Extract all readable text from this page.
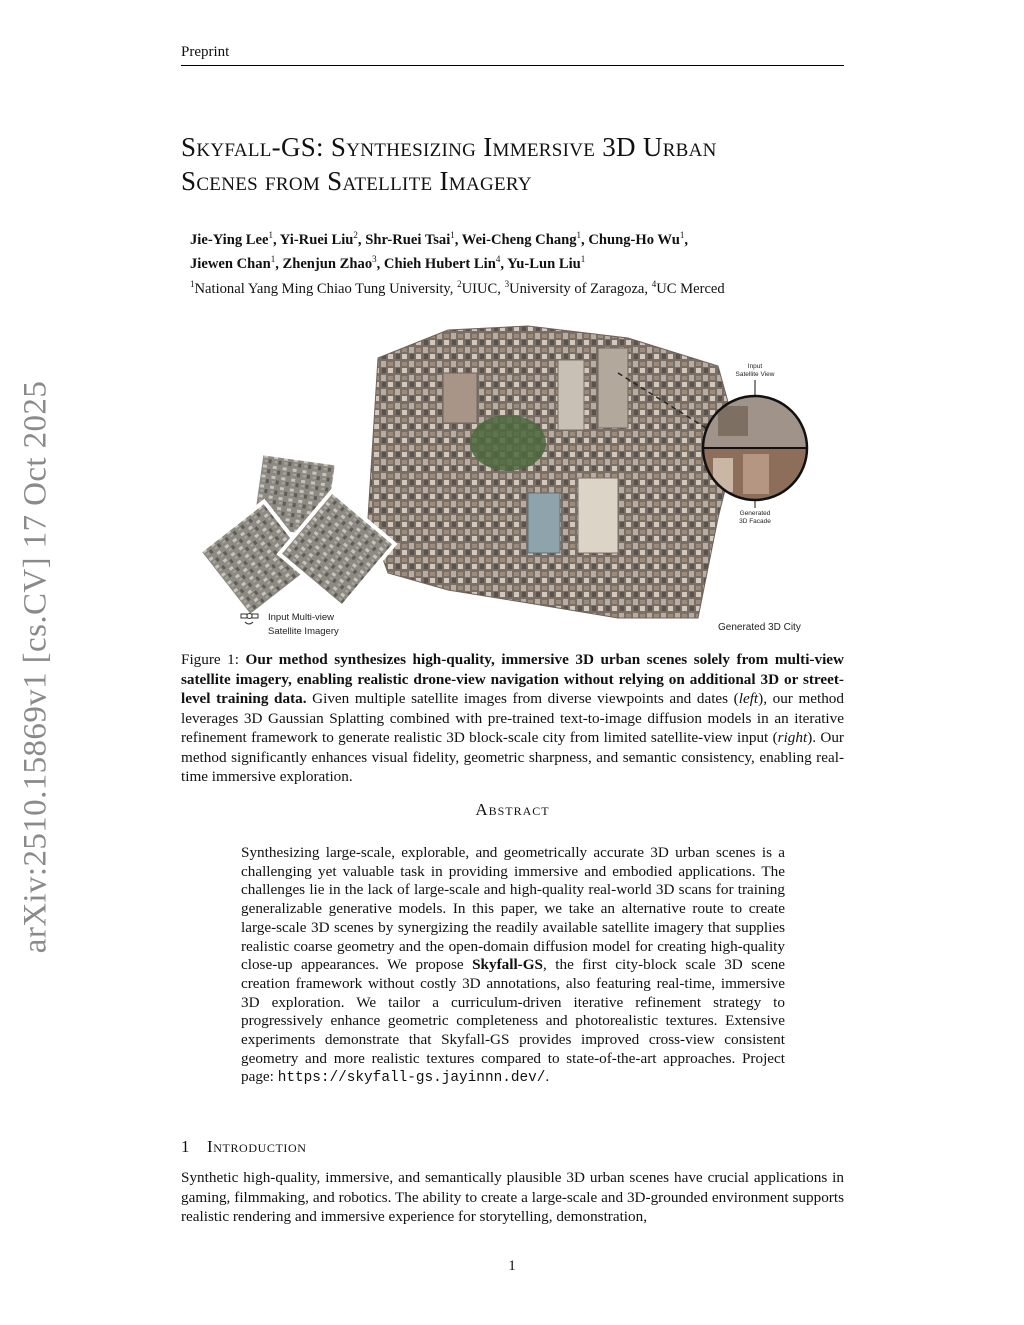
Preprint
Skyfall-GS: Synthesizing Immersive 3D Urban
Scenes from Satellite Imagery
Jie-Ying Lee$^1$, Yi-Ruei Liu$^2$, Shr-Ruei Tsai$^1$, Wei-Cheng Chang$^1$, Chung-Ho Wu$^1$,
Jiewen Chan$^1$, Zhenjun Zhao$^3$, Chieh Hubert Lin$^4$, Yu-Lun Liu$^1$
$^1$National Yang Ming Chiao Tung University, $^2$UIUC, $^3$University of Zaragoza, $^4$UC Merced
arXiv:2510.15869v1 [cs.CV] 17 Oct 2025	Input Multi-view
Satellite Imagery
Input
Satellite View
Generated
3D Facade
Generated 3D City
Figure 1: Our method synthesizes high-quality, immersive 3D urban scenes solely from multi-view satellite imagery, enabling realistic drone-view navigation without relying on additional 3D or street-level training data. Given multiple satellite images from diverse viewpoints and dates (left), our method leverages 3D Gaussian Splatting combined with pre-trained text-to-image diffusion models in an iterative refinement framework to generate realistic 3D block-scale city from limited satellite-view input (right). Our method significantly enhances visual fidelity, geometric sharpness, and semantic consistency, enabling real-time immersive exploration.
Abstract
Synthesizing large-scale, explorable, and geometrically accurate 3D urban scenes is a challenging yet valuable task in providing immersive and embodied applications. The challenges lie in the lack of large-scale and high-quality real-world 3D scans for training generalizable generative models. In this paper, we take an alternative route to create large-scale 3D scenes by synergizing the readily available satellite imagery that supplies realistic coarse geometry and the open-domain diffusion model for creating high-quality close-up appearances. We propose Skyfall-GS, the first city-block scale 3D scene creation framework without costly 3D annotations, also featuring real-time, immersive 3D exploration. We tailor a curriculum-driven iterative refinement strategy to progressively enhance geometric completeness and photorealistic textures. Extensive experiments demonstrate that Skyfall-GS provides improved cross-view consistent geometry and more realistic textures compared to state-of-the-art approaches. Project page: https://skyfall-gs.jayinnn.dev/.
1 Introduction
Synthetic high-quality, immersive, and semantically plausible 3D urban scenes have crucial applications in gaming, filmmaking, and robotics. The ability to create a large-scale and 3D-grounded environment supports realistic rendering and immersive experience for storytelling, demonstration,
1
